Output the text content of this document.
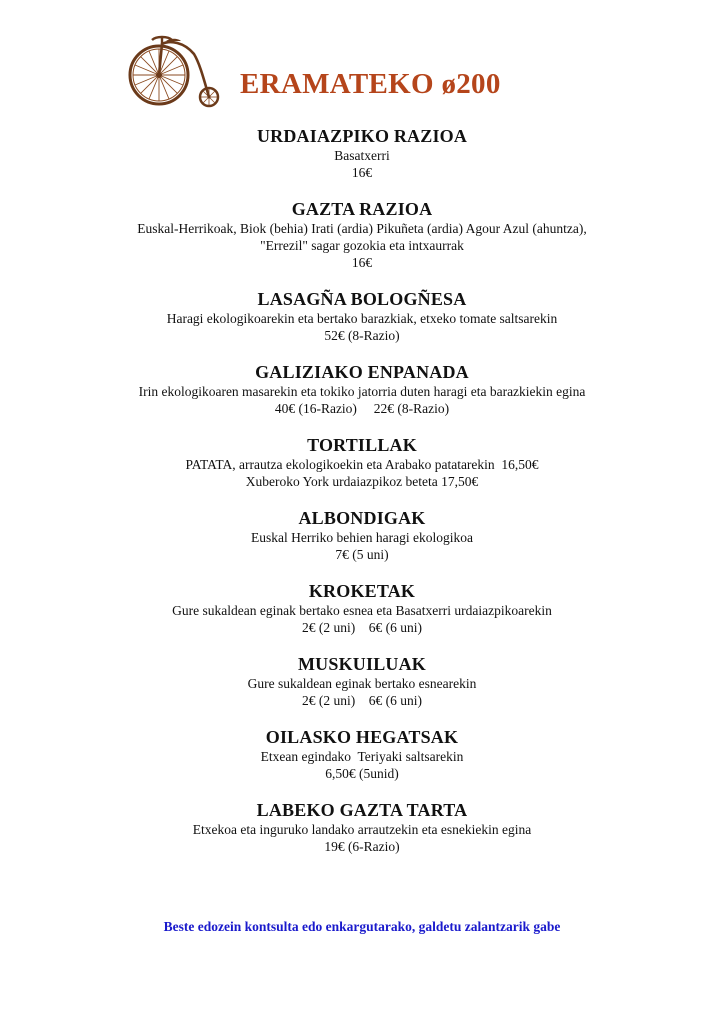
ERAMATEKO ø200
URDAIAZPIKO RAZIOA
Basatxerri
16€
GAZTA RAZIOA
Euskal-Herrikoak, Biok (behia) Irati (ardia) Pikuñeta (ardia) Agour Azul (ahuntza),
"Errezil" sagar gozokia eta intxaurrak
16€
LASAGÑA BOLOGÑESA
Haragi ekologikoarekin eta bertako barazkiak, etxeko tomate saltsarekin
52€ (8-Razio)
GALIZIAKO ENPANADA
Irin ekologikoaren masarekin eta tokiko jatorria duten haragi eta barazkiekin egina
40€ (16-Razio)     22€ (8-Razio)
TORTILLAK
PATATA, arrautza ekologikoekin eta Arabako patatarekin  16,50€
Xuberoko York urdaiazpikoz beteta 17,50€
ALBONDIGAK
Euskal Herriko behien haragi ekologikoa
7€ (5 uni)
KROKETAK
Gure sukaldean eginak bertako esnea eta Basatxerri urdaiazpikoarekin
2€ (2 uni)    6€ (6 uni)
MUSKUILUAK
Gure sukaldean eginak bertako esnearekin
2€ (2 uni)    6€ (6 uni)
OILASKO HEGATSAK
Etxean egindako  Teriyaki saltsarekin
6,50€ (5unid)
LABEKO GAZTA TARTA
Etxekoa eta inguruko landako arrautzekin eta esnekiekin egina
19€ (6-Razio)
Beste edozein kontsulta edo enkargutarako, galdetu zalantzarik gabe
